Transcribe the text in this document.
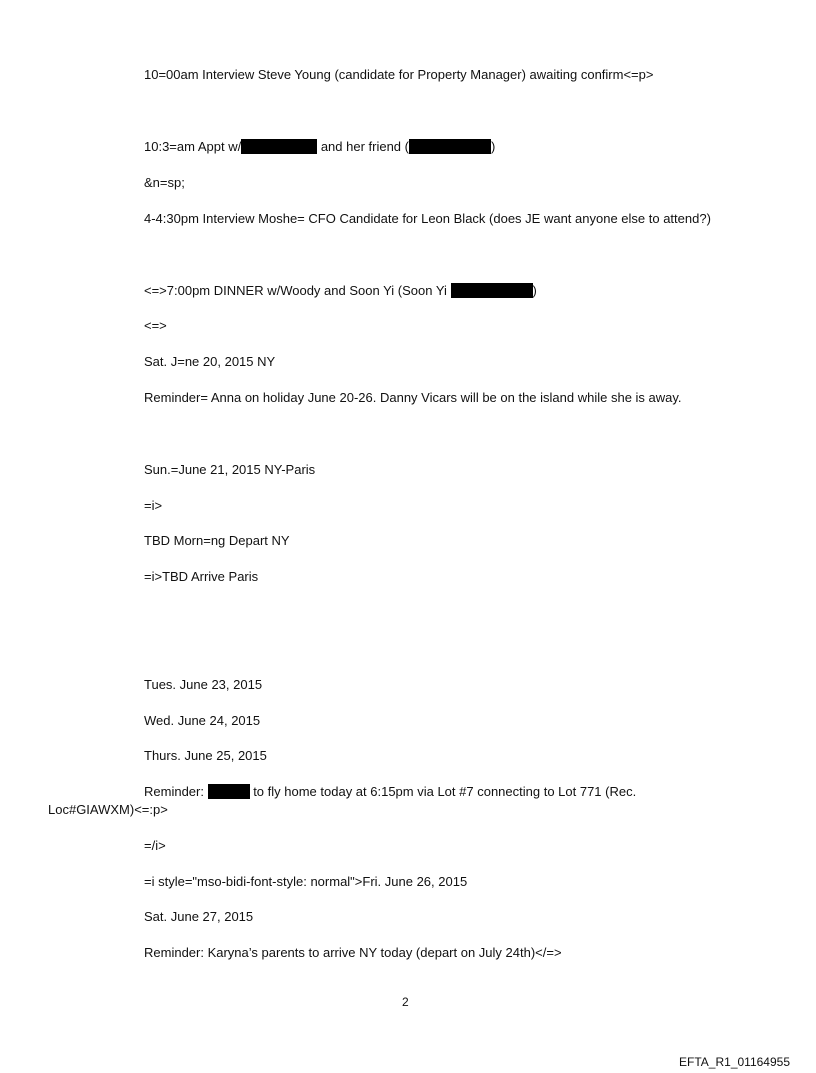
10=00am Interview Steve Young (candidate for Property Manager) awaiting confirm<=p>
10:3=am Appt w/	and her friend (	)
&n=sp;
4-4:30pm Interview Moshe= CFO Candidate for Leon Black (does JE want anyone else to attend?)
<=>7:00pm DINNER w/Woody and Soon Yi (Soon Yi	)
<=>
Sat. J=ne 20, 2015 NY
Reminder= Anna on holiday June 20-26. Danny Vicars will be on the island while she is away.
Sun.=June 21, 2015 NY-Paris
=i>
TBD Morn=ng Depart NY
=i>TBD Arrive Paris
Tues. June 23, 2015
Wed. June 24, 2015
Thurs. June 25, 2015
Reminder:	to fly home today at 6:15pm via Lot #7 connecting to Lot 771 (Rec.
Loc#GIAWXM)<=:p>
=/i>
=i style="mso-bidi-font-style: normal">Fri. June 26, 2015
Sat. June 27, 2015
Reminder: Karyna’s parents to arrive NY today (depart on July 24th)</=>
2
EFTA_R1_01164955
